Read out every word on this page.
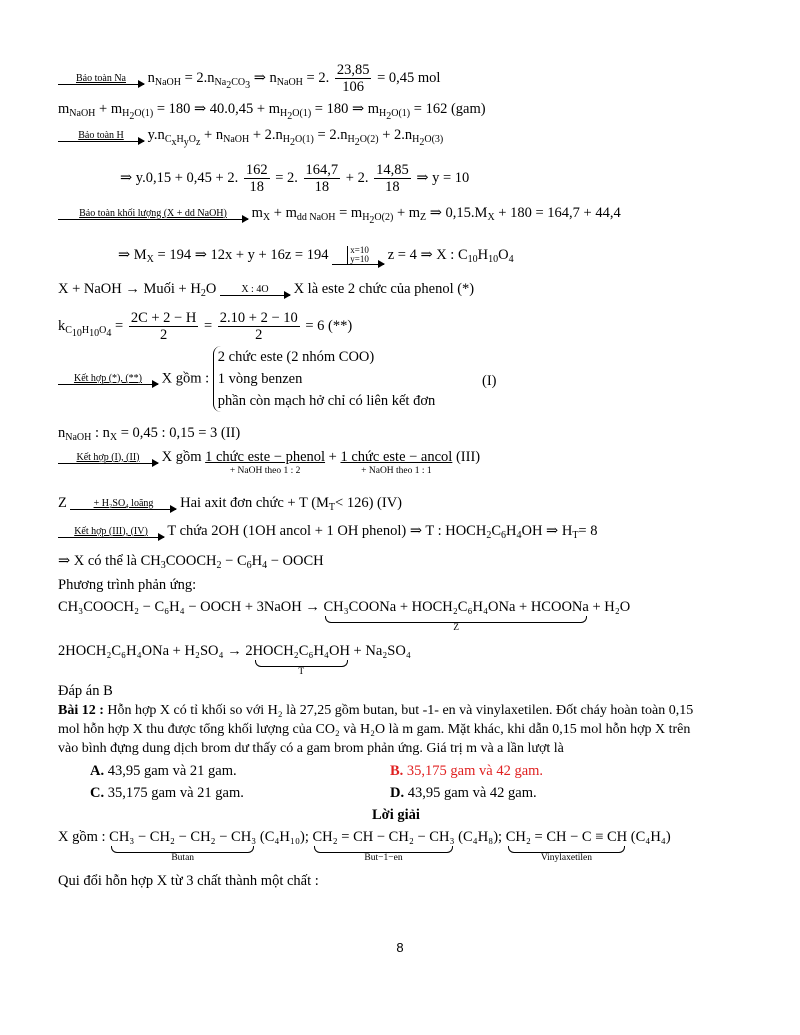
Bảo toàn Na	$n_{NaOH} = 2.n_{Na_2CO_3}$ ⇒ $n_{NaOH} = 2$. $\frac{23,85}{106} = 0,45$ mol
$m_{NaOH} + m_{H_2O(1)} = 180$ ⇒ $40.0,45 + m_{H_2O(1)} = 180$ ⇒ $m_{H_2O(1)} = 162$ (gam)
Bảo toàn H	$y.n_{C_xH_yO_z} + n_{NaOH} + 2.n_{H_2O(1)} = 2.n_{H_2O(2)} + 2.n_{H_2O(3)}$
⇒ y.0,15 + 0,45 + 2. $\frac{162}{18} = 2$. $\frac{164,7}{18} + 2$. $\frac{14,85}{18}$ ⇒ y = 10
Bảo toàn khối lượng (X + dd NaOH)	$m_X + m_{dd NaOH} = m_{H_2O(2)} + m_Z$ ⇒ $0,15.M_X + 180 = 164,7 + 44,4$
⇒ $M_X = 194$ ⇒ 12x + y + 16z = 194	x=10
y=10	z = 4 ⇒ X : $C_{10}H_{10}O_4$
X + NaOH → Muối + $H_2O$	X : 4O	X là este 2 chức của phenol (*)
$k_{C_{10}H_{10}O_4} = \frac{2C + 2 - H}{2} = \frac{2.10 + 2 - 10}{2} = 6$ (**)
Kết hợp (*), (**)	X gồm : 2 chức este (2 nhóm COO)
1 vòng benzen
phần còn mạch hở chỉ có liên kết đơn
(I)
$n_{NaOH}$ : $n_X = 0,45$ : 0,15 = 3 (II)
Kết hợp (I), (II)	X gồm 1 chức este − phenol
+ NaOH theo 1 : 2
+ 1 chức este − ancol
+ NaOH theo 1 : 1
(III)
Z	+ H₂SO₄ loãng	Hai axit đơn chức + T $(M_T< 126)$ (IV)
Kết hợp (III), (IV)	T chứa 2OH (1OH ancol + 1 OH phenol) ⇒ T : $HOCH_2C_6H_4OH$ ⇒ $H_T= 8$
⇒ X có thể là $CH_3COOCH_2 - C_6H_4$ − OOCH
Phương trình phản ứng:
CH₃COOCH₂ − C₆H₄ − OOCH + 3NaOH → CH₃COONa + HOCH₂C₆H₄ONa + HCOONa
Z
+ H₂O
2HOCH₂C₆H₄ONa + H₂SO₄ → 2 HOCH₂C₆H₄OH
T
+ Na₂SO₄
Đáp án B
Bài 12 : Hỗn hợp X có tỉ khối so với H₂ là 27,25 gồm butan, but -1- en và vinylaxetilen. Đốt cháy hoàn toàn 0,15
mol hỗn hợp X thu được tổng khối lượng của CO₂ và H₂O là m gam. Mặt khác, khi dẫn 0,15 mol hỗn hợp X trên
vào bình đựng dung dịch brom dư thấy có a gam brom phản ứng. Giá trị m và a lần lượt là
A. 43,95 gam và 21 gam.	B. 35,175 gam và 42 gam.
C. 35,175 gam và 21 gam.	D. 43,95 gam và 42 gam.
Lời giải
X gồm : CH₃ − CH₂ − CH₂ − CH₃
Butan
(C₄H₁₀); CH₂ = CH − CH₂ − CH₃
But−1−en
(C₄H₈); CH₂ = CH − C ≡ CH
Vinylaxetilen
(C₄H₄)
Qui đổi hỗn hợp X từ 3 chất thành một chất :
8
